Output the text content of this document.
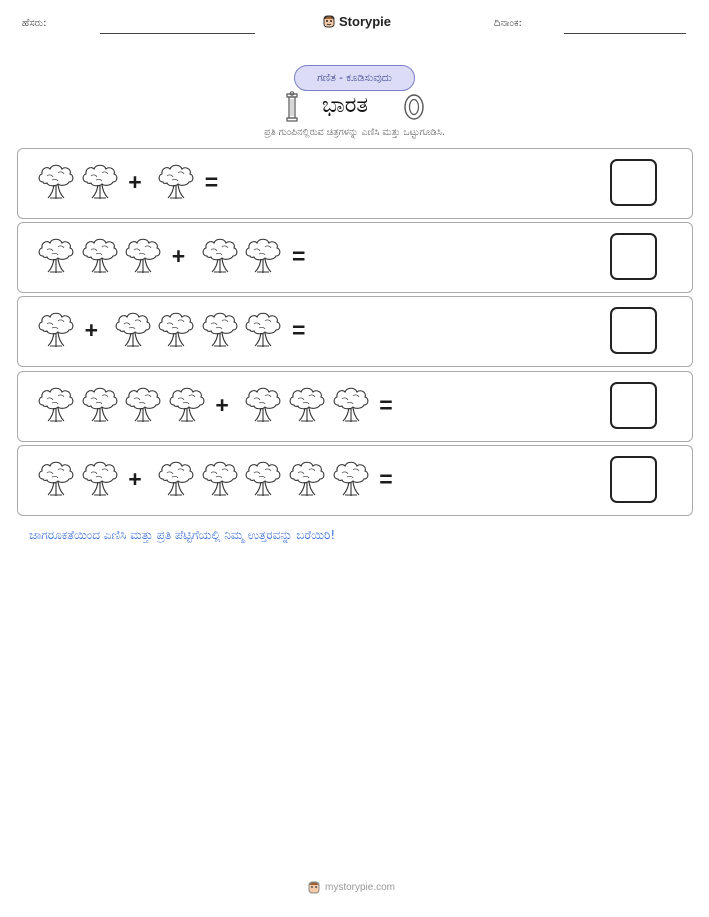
ಹೆಸರು:	Storypie	ದಿನಾಂಕ:
ಗಣಿತ - ಕೂಡಿಸುವುದು
ಭಾರತ
ಪ್ರತಿ ಗುಂಪಿನಲ್ಲಿರುವ ಚಿತ್ರಗಳನ್ನು ಎಣಿಸಿ ಮತ್ತು ಒಟ್ಟುಗೂಡಿಸಿ.
+	=
+	=
+	=
+	=
+	=
ಜಾಗರೂಕತೆಯಿಂದ ಎಣಿಸಿ ಮತ್ತು ಪ್ರತಿ ಪೆಟ್ಟಿಗೆಯಲ್ಲಿ ನಿಮ್ಮ ಉತ್ತರವನ್ನು ಬರೆಯಿರಿ!
mystorypie.com
